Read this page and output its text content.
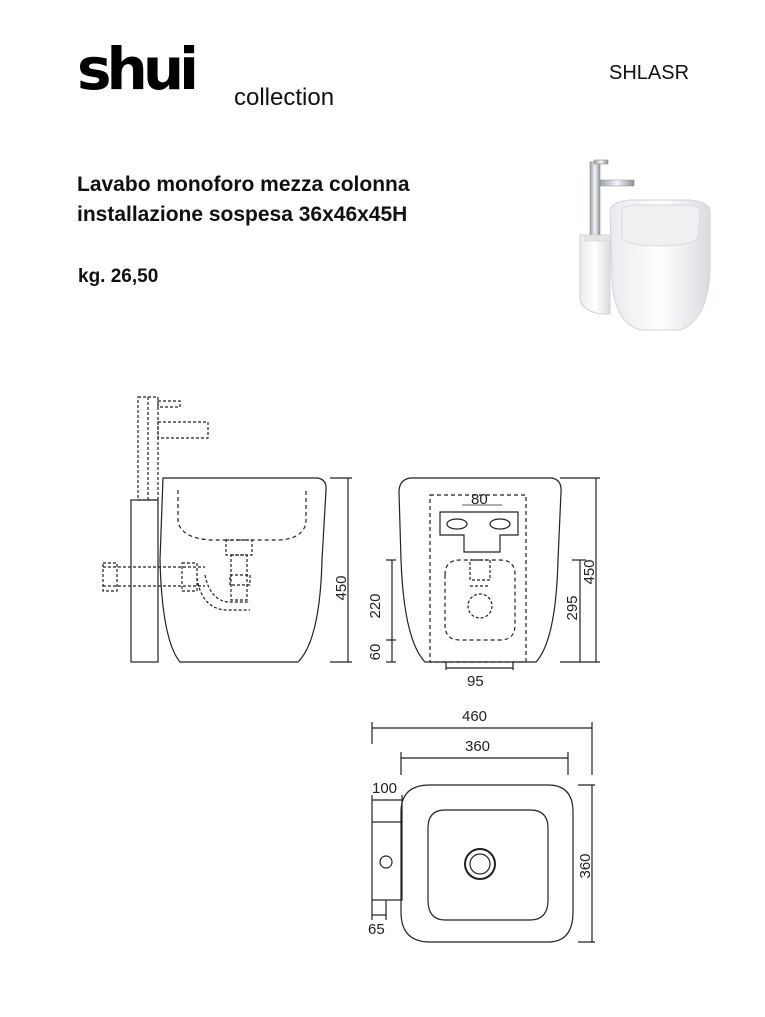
shui collection
SHLASR
Lavabo monoforo mezza colonna
installazione sospesa 36x46x45H
kg. 26,50
450
80
450
295
220
60
95
460
360
100
360
65
